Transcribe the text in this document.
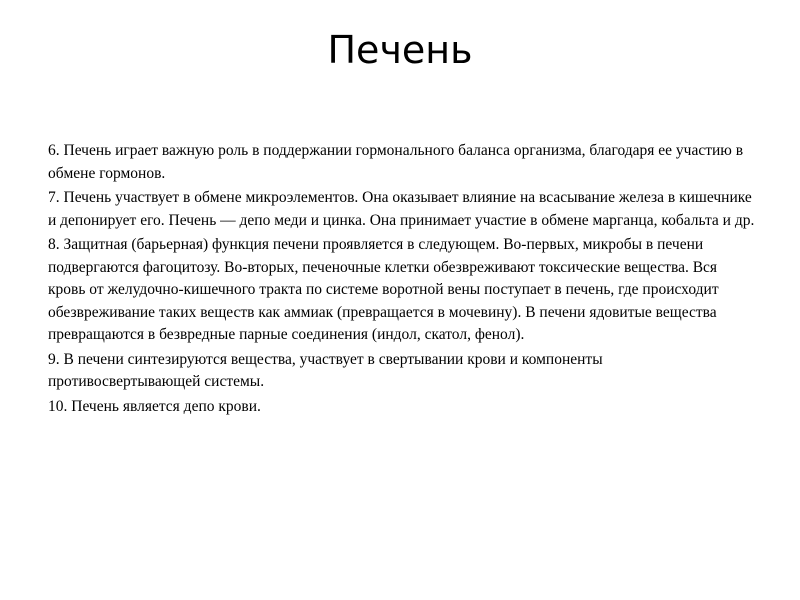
Печень

6. Печень играет важную роль в поддержании гормонального баланса организма, благодаря ее участию в обмене гормонов.

7. Печень участвует в обмене микроэлементов. Она оказывает влияние на всасывание железа в кишечнике и депонирует его. Печень — депо меди и цинка. Она принимает участие в обмене марганца, кобальта и др.

8. Защитная (барьерная) функция печени проявляется в следующем. Во-первых, микробы в печени подвергаются фагоцитозу. Во-вторых, печеночные клетки обезвреживают токсические вещества. Вся кровь от желудочно-кишечного тракта по системе воротной вены поступает в печень, где происходит обезвреживание таких веществ как аммиак (превращается в мочевину). В печени ядовитые вещества превращаются в безвредные парные соединения (индол, скатол, фенол).

9. В печени синтезируются вещества, участвует в свертывании крови и компоненты противосвертывающей системы.

10. Печень является депо крови.
